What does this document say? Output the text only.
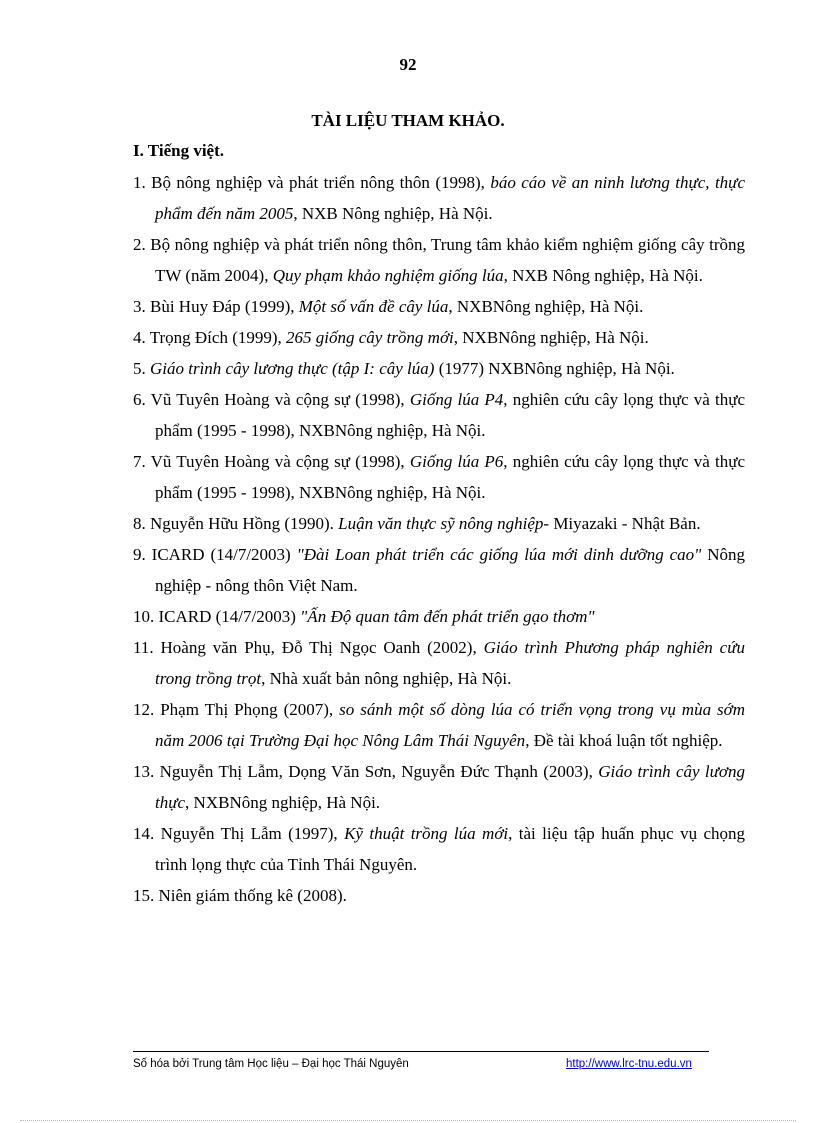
92
TÀI LIỆU THAM KHẢO.
I. Tiếng việt.
1. Bộ nông nghiệp và phát triển nông thôn (1998), báo cáo về an ninh lương thực, thực phẩm đến năm 2005, NXB Nông nghiệp, Hà Nội.
2. Bộ nông nghiệp và phát triển nông thôn, Trung tâm khảo kiểm nghiệm giống cây trồng TW (năm 2004), Quy phạm khảo nghiệm giống lúa, NXB Nông nghiệp, Hà Nội.
3. Bùi Huy Đáp (1999), Một số vấn đề cây lúa, NXBNông nghiệp, Hà Nội.
4. Trọng Đích (1999), 265 giống cây trồng mới, NXBNông nghiệp, Hà Nội.
5. Giáo trình cây lương thực (tập I: cây lúa) (1977) NXBNông nghiệp, Hà Nội.
6. Vũ Tuyên Hoàng và cộng sự (1998), Giống lúa P4, nghiên cứu cây lọng thực và thực phẩm (1995 - 1998), NXBNông nghiệp, Hà Nội.
7. Vũ Tuyên Hoàng và cộng sự (1998), Giống lúa P6, nghiên cứu cây lọng thực và thực phẩm (1995 - 1998), NXBNông nghiệp, Hà Nội.
8. Nguyễn Hữu Hồng (1990). Luận văn thực sỹ nông nghiệp- Miyazaki - Nhật Bản.
9. ICARD (14/7/2003) "Đài Loan phát triển các giống lúa mới dinh dưỡng cao" Nông nghiệp - nông thôn Việt Nam.
10. ICARD (14/7/2003) "Ấn Độ quan tâm đến phát triển gạo thơm"
11. Hoàng văn Phụ, Đỗ Thị Ngọc Oanh (2002), Giáo trình Phương pháp nghiên cứu trong trồng trọt, Nhà xuất bản nông nghiệp, Hà Nội.
12. Phạm Thị Phọng (2007), so sánh một số dòng lúa có triển vọng trong vụ mùa sớm năm 2006 tại Trường Đại học Nông Lâm Thái Nguyên, Đề tài khoá luận tốt nghiệp.
13. Nguyễn Thị Lẫm, Dọng Văn Sơn, Nguyễn Đức Thạnh (2003), Giáo trình cây lương thực, NXBNông nghiệp, Hà Nội.
14. Nguyễn Thị Lẫm (1997), Kỹ thuật trồng lúa mới, tài liệu tập huấn phục vụ chọng trình lọng thực của Tỉnh Thái Nguyên.
15. Niên giám thống kê (2008).
Số hóa bởi Trung tâm Học liệu – Đại học Thái Nguyên	http://www.lrc-tnu.edu.vn
